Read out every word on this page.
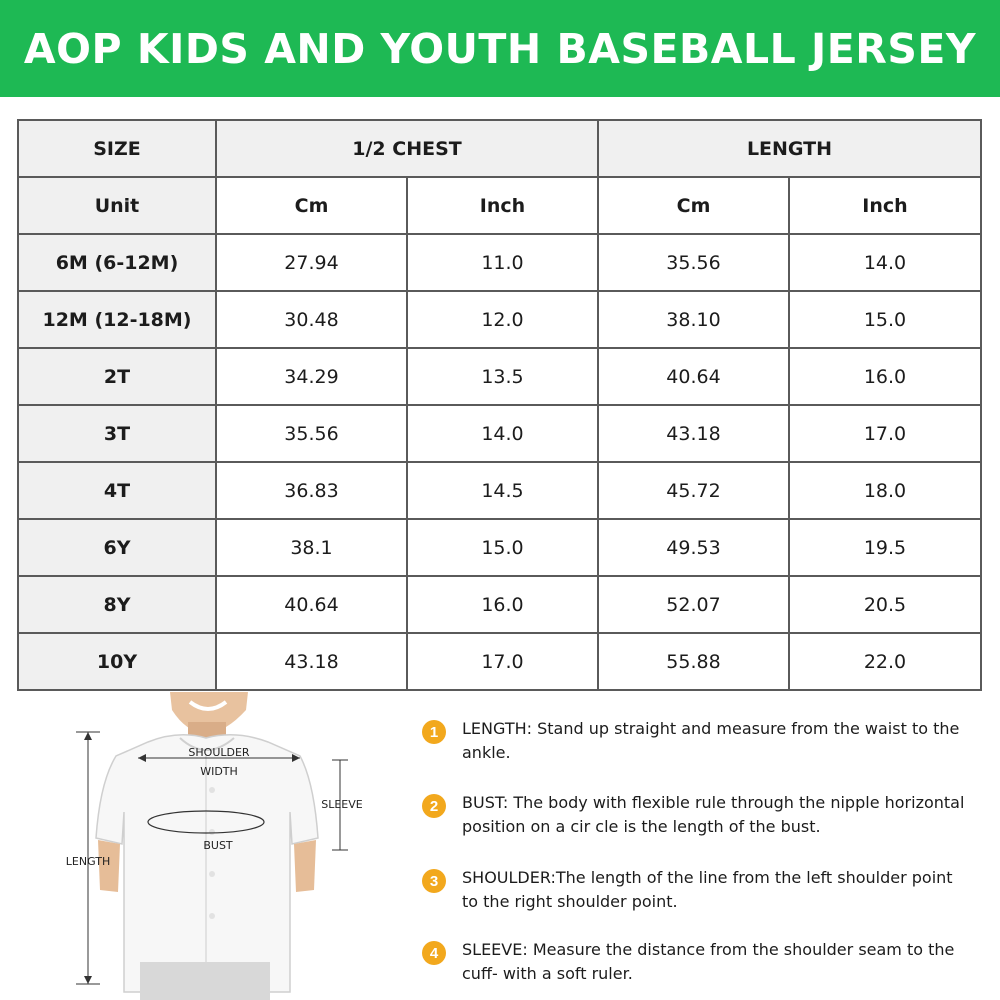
AOP KIDS AND YOUTH BASEBALL JERSEY
SIZE	1/2 CHEST		LENGTH	
Unit	Cm	Inch	Cm	Inch
6M (6-12M)	27.94	11.0	35.56	14.0
12M (12-18M)	30.48	12.0	38.10	15.0
2T	34.29	13.5	40.64	16.0
3T	35.56	14.0	43.18	17.0
4T	36.83	14.5	45.72	18.0
6Y	38.1	15.0	49.53	19.5
8Y	40.64	16.0	52.07	20.5
10Y	43.18	17.0	55.88	22.0
SHOULDER
WIDTH
SLEEVE
BUST
LENGTH
1	LENGTH: Stand up straight and measure from the waist to the ankle.
2	BUST: The body with flexible rule through the nipple horizontal position on a cir cle is the length of the bust.
3	SHOULDER:The length of the line from the left shoulder point to the right shoulder point.
4	SLEEVE: Measure the distance from the shoulder seam to the cuff- with a soft ruler.
